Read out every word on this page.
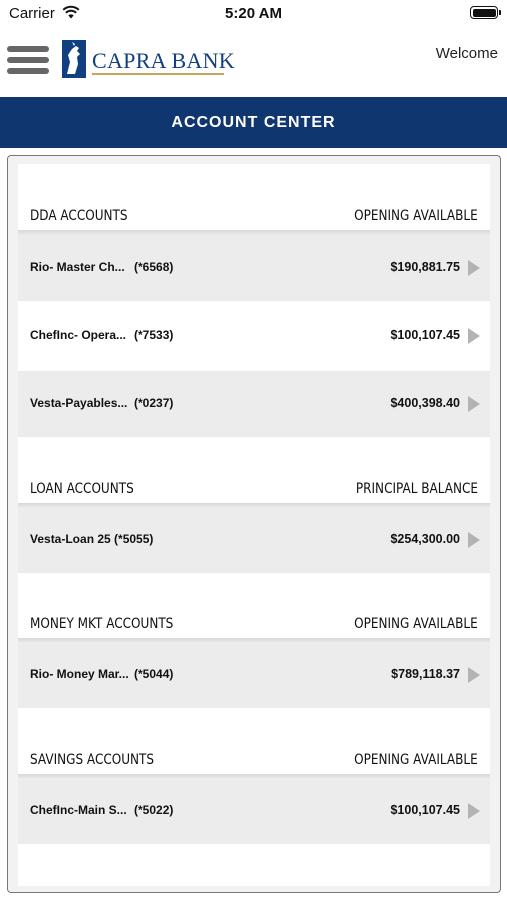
Carrier	5:20 AM
CAPRA BANK	Welcome
ACCOUNT CENTER
DDA ACCOUNTS	OPENING AVAILABLE
Rio- Master Ch... (*6568)	$190,881.75
ChefInc- Opera... (*7533)	$100,107.45
Vesta-Payables... (*0237)	$400,398.40
LOAN ACCOUNTS	PRINCIPAL BALANCE
Vesta-Loan 25 (*5055)	$254,300.00
MONEY MKT ACCOUNTS	OPENING AVAILABLE
Rio- Money Mar... (*5044)	$789,118.37
SAVINGS ACCOUNTS	OPENING AVAILABLE
ChefInc-Main S... (*5022)	$100,107.45
